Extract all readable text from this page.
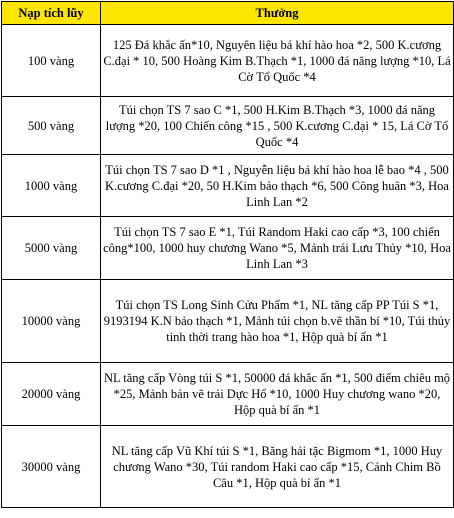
Nạp tích lũy	Thưởng
100 vàng	125 Đá khắc ấn*10, Nguyên liệu bá khí hào hoa *2, 500 K.cương C.đại * 10, 500 Hoàng Kim B.Thạch *1, 1000 đá năng lượng *10, Lá Cờ Tổ Quốc *4
500 vàng	Túi chọn TS 7 sao C *1, 500 H.Kim B.Thạch *3, 1000 đá năng lượng *20, 100 Chiến công *15 , 500 K.cương C.đại * 15, Lá Cờ Tổ Quốc *4
1000 vàng	Túi chọn TS 7 sao D *1 , Nguyễn liệu bá khí hào hoa lễ bao *4 , 500 K.cương C.đại *20, 50 H.Kim bảo thạch *6, 500 Công huân *3, Hoa Linh Lan *2
5000 vàng	Túi chọn TS 7 sao E *1, Túi Random Haki cao cấp *3, 100 chiến công*100, 1000 huy chương Wano *5, Mảnh trái Lưu Thủy *10, Hoa Linh Lan *3
10000 vàng	Túi chọn TS Long Sinh Cửu Phẩm *1, NL tăng cấp PP Túi S *1, 9193194 K.N bảo thạch *1, Mảnh túi chọn b.vẽ thần bí *10, Túi thủy tinh thời trang hào hoa *1, Hộp quà bí ẩn *1
20000 vàng	NL tăng cấp Vòng túi S *1, 50000 đá khắc ấn *1, 500 điểm chiêu mộ *25, Mảnh bản vẽ trái Dực Hổ *10, 1000 Huy chương wano *20, Hộp quà bí ẩn *1
30000 vàng	NL tăng cấp Vũ Khí túi S *1, Băng hải tặc Bigmom *1, 1000 Huy chương Wano *30, Túi random Haki cao cấp *15, Cánh Chim Bồ Câu *1, Hộp quà bí ẩn *1
